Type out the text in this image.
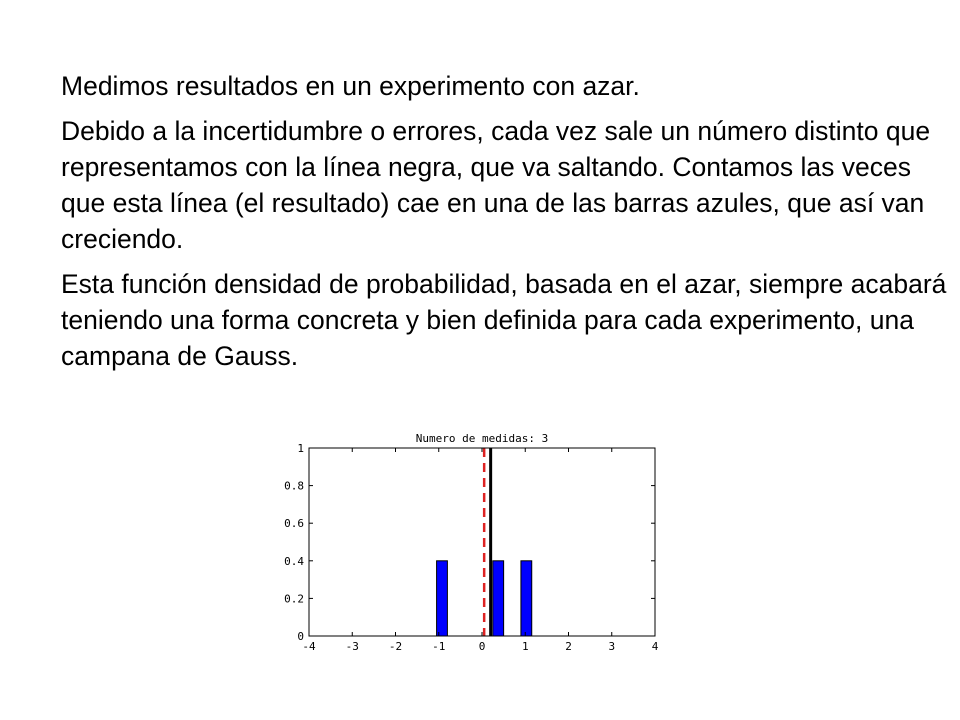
Medimos resultados en un experimento con azar.

Debido a la incertidumbre o errores, cada vez sale un número distinto que representamos con la línea negra, que va saltando. Contamos las veces que esta línea (el resultado) cae en una de las barras azules, que así van creciendo.

Esta función densidad de probabilidad, basada en el azar, siempre acabará teniendo una forma concreta y bien definida para cada experimento, una campana de Gauss.

Numero de medidas: 3
-4	-3	-2	-1	0	1	2	3	4
0
0.2
0.4
0.6
0.8
1
